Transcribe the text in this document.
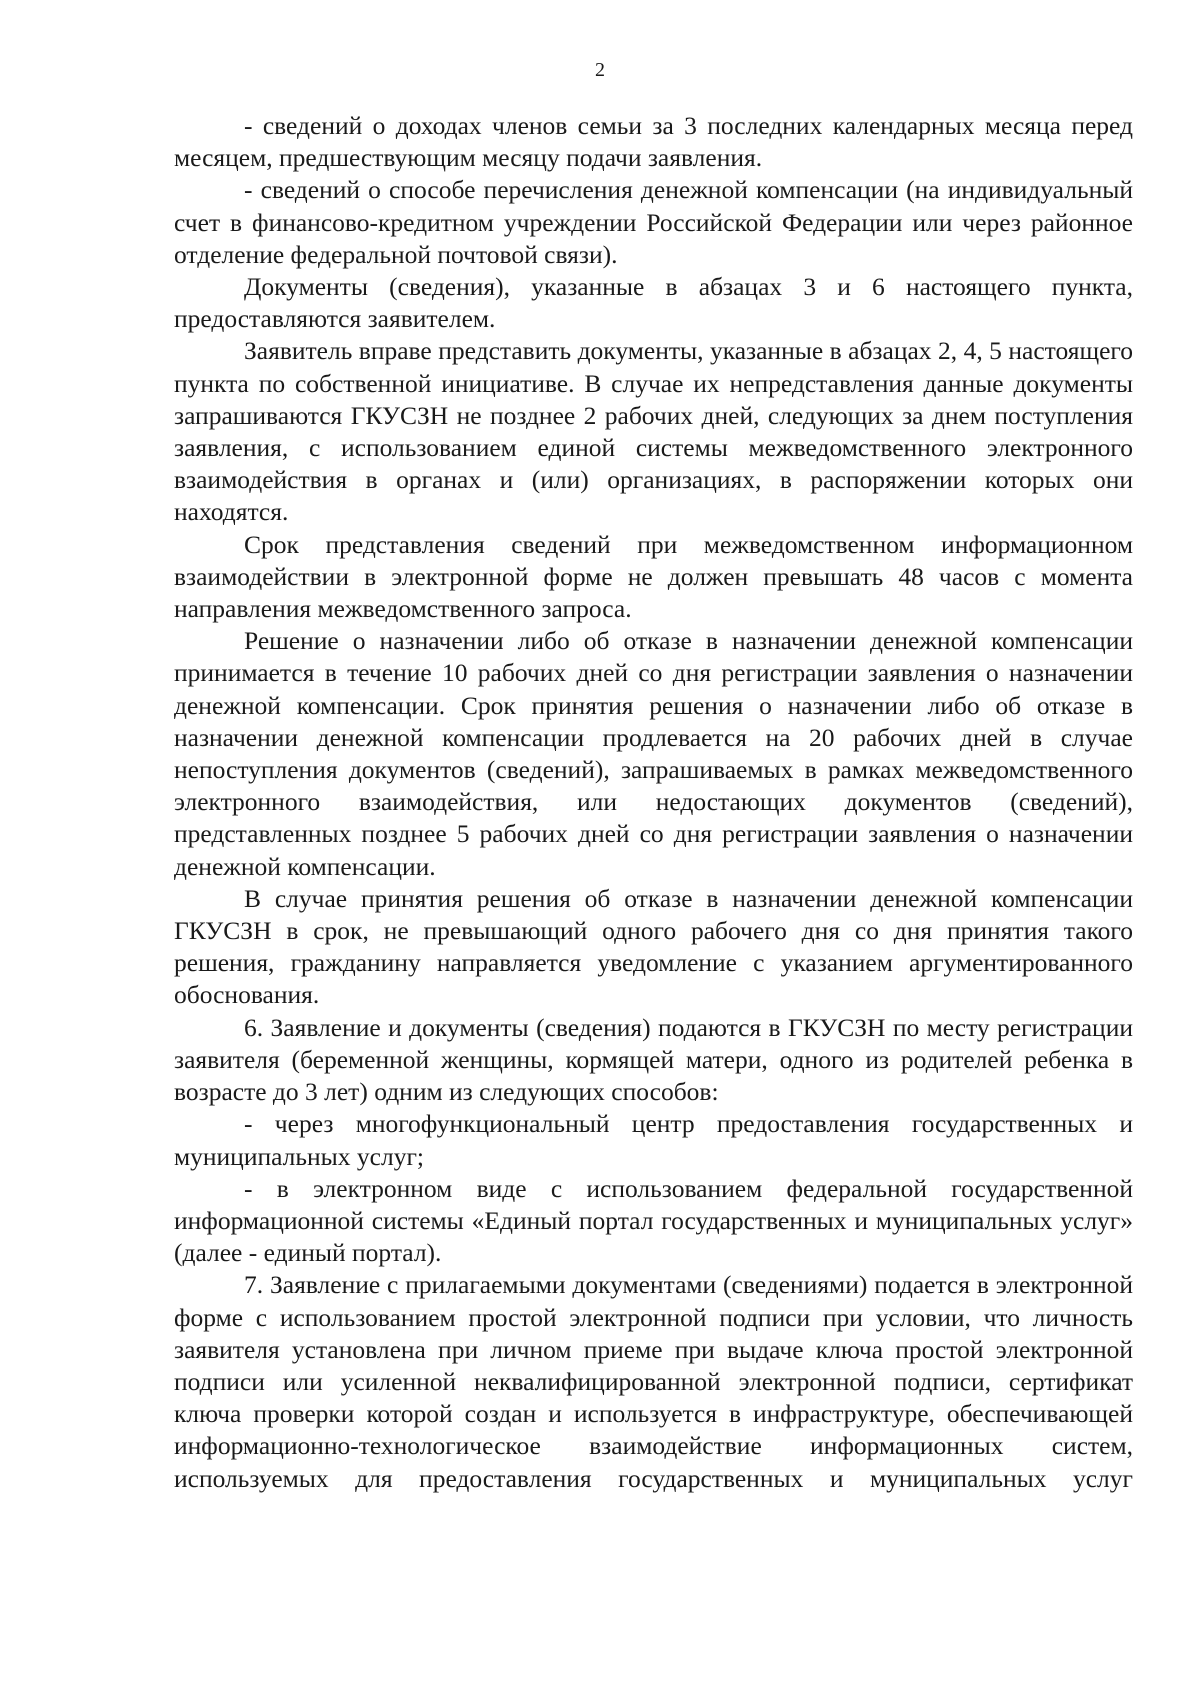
2

- сведений о доходах членов семьи за 3 последних календарных месяца перед месяцем, предшествующим месяцу подачи заявления.

- сведений о способе перечисления денежной компенсации (на индивидуальный счет в финансово-кредитном учреждении Российской Федерации или через районное отделение федеральной почтовой связи).

Документы (сведения), указанные в абзацах 3 и 6 настоящего пункта, предоставляются заявителем.

Заявитель вправе представить документы, указанные в абзацах 2, 4, 5 настоящего пункта по собственной инициативе. В случае их непредставления данные документы запрашиваются ГКУСЗН не позднее 2 рабочих дней, следующих за днем поступления заявления, с использованием единой системы межведомственного электронного взаимодействия в органах и (или) организациях, в распоряжении которых они находятся.

Срок представления сведений при межведомственном информационном взаимодействии в электронной форме не должен превышать 48 часов с момента направления межведомственного запроса.

Решение о назначении либо об отказе в назначении денежной компенсации принимается в течение 10 рабочих дней со дня регистрации заявления о назначении денежной компенсации. Срок принятия решения о назначении либо об отказе в назначении денежной компенсации продлевается на 20 рабочих дней в случае непоступления документов (сведений), запрашиваемых в рамках межведомственного электронного взаимодействия, или недостающих документов (сведений), представленных позднее 5 рабочих дней со дня регистрации заявления о назначении денежной компенсации.

В случае принятия решения об отказе в назначении денежной компенсации ГКУСЗН в срок, не превышающий одного рабочего дня со дня принятия такого решения, гражданину направляется уведомление с указанием аргументированного обоснования.

6. Заявление и документы (сведения) подаются в ГКУСЗН по месту регистрации заявителя (беременной женщины, кормящей матери, одного из родителей ребенка в возрасте до 3 лет) одним из следующих способов:

- через многофункциональный центр предоставления государственных и муниципальных услуг;

- в электронном виде с использованием федеральной государственной информационной системы «Единый портал государственных и муниципальных услуг» (далее - единый портал).

7. Заявление с прилагаемыми документами (сведениями) подается в электронной форме с использованием простой электронной подписи при условии, что личность заявителя установлена при личном приеме при выдаче ключа простой электронной подписи или усиленной неквалифицированной электронной подписи, сертификат ключа проверки которой создан и используется в инфраструктуре, обеспечивающей информационно-технологическое взаимодействие информационных систем, используемых для предоставления государственных и муниципальных услуг
